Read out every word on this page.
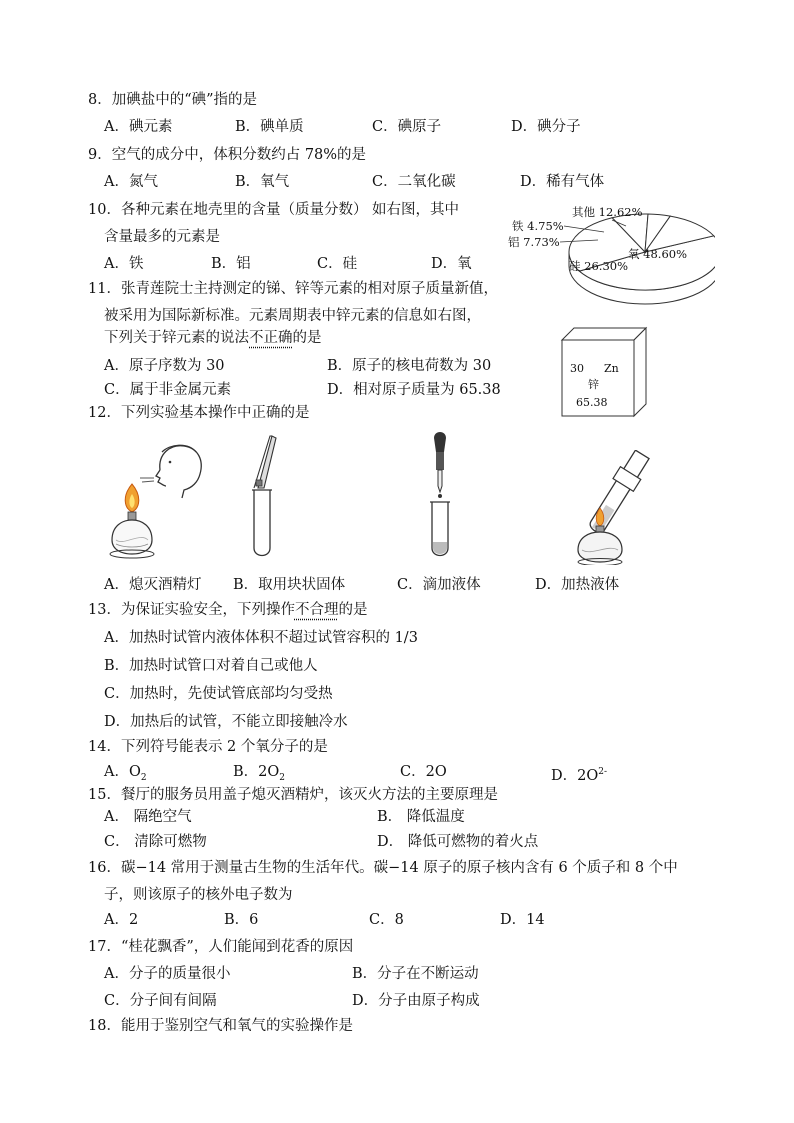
8．加碘盐中的“碘”指的是
A．碘元素	B．碘单质	C．碘原子	D．碘分子
9．空气的成分中，体积分数约占 78%的是
A．氮气	B．氧气	C．二氧化碳	D．稀有气体
10．各种元素在地壳里的含量（质量分数） 如右图，其中
含量最多的元素是
A．铁	B．铝	C．硅	D．氧
氧 48.60%
硅 26.30%
铝 7.73%
铁 4.75%
其他 12.62%
11．张青莲院士主持测定的锑、锌等元素的相对原子质量新值，
被采用为国际新标准。元素周期表中锌元素的信息如右图，
下列关于锌元素的说法不正确的是
A．原子序数为 30	B．原子的核电荷数为 30
C．属于非金属元素	D．相对原子质量为 65.38
30 Zn
锌
65.38
12．下列实验基本操作中正确的是
A．熄灭酒精灯 B．取用块状固体	C．滴加液体	D．加热液体
13．为保证实验安全，下列操作不合理的是
A．加热时试管内液体体积不超过试管容积的 1/3
B．加热时试管口对着自己或他人
C．加热时，先使试管底部均匀受热
D．加热后的试管，不能立即接触冷水
14．下列符号能表示 2 个氧分子的是
A．$O_2$	B．$2O_2$	C．2O	D．$2O^{2-}$
15．餐厅的服务员用盖子熄灭酒精炉，该灭火方法的主要原理是
A． 隔绝空气	B． 降低温度
C． 清除可燃物	D． 降低可燃物的着火点
16．碳−14 常用于测量古生物的生活年代。碳−14 原子的原子核内含有 6 个质子和 8 个中
子，则该原子的核外电子数为
A．2	B．6	C．8	D．14
17．“桂花飘香”，人们能闻到花香的原因
A．分子的质量很小	B．分子在不断运动
C．分子间有间隔	D．分子由原子构成
18．能用于鉴别空气和氧气的实验操作是
